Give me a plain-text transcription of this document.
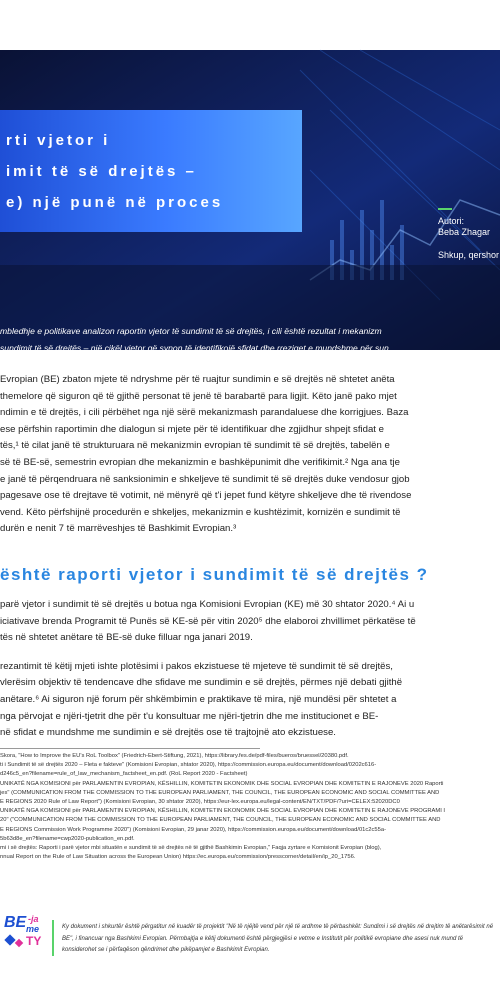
rti vjetor i
imit të së drejtës –
e) një punë në proces
Autori:
Beba Zhagar
Shkup, qershor
mbledhje e politikave analizon raportin vjetor të sundimit të së drejtës, i cili është rezultat i mekanizm
sundimit të së drejtës – një cikël vjetor që synon të identifikojë sfidat dhe rreziqet e mundshme për sun
jtës dhe t'i parandalojë ato të transformohen në shkelje të sundimit të së drejtës.
Evropian (BE) zbaton mjete të ndryshme për të ruajtur sundimin e së drejtës në shtetet anëta
themelore që siguron që të gjithë personat të jenë të barabartë para ligjit. Këto janë pako mjet
ndimin e të drejtës, i cili përbëhet nga një sërë mekanizmash parandaluese dhe korrigjues. Baza
ese përfshin raportimin dhe dialogun si mjete për të identifikuar dhe zgjidhur shpejt sfidat e
tës,¹ të cilat janë të strukturuara në mekanizmin evropian të sundimit të së drejtës, tabelën e
së të BE-së, semestrin evropian dhe mekanizmin e bashkëpunimit dhe verifikimit.² Nga ana tje
e janë të përqendruara në sanksionimin e shkeljeve të sundimit të së drejtës duke vendosur gjob
pagesave ose të drejtave të votimit, në mënyrë që t'i jepet fund këtyre shkeljeve dhe të rivendose
vend. Këto përfshijnë procedurën e shkeljes, mekanizmin e kushtëzimit, kornizën e sundimit të
durën e nenit 7 të marrëveshjes të Bashkimit Evropian.³
është raporti vjetor i sundimit të së drejtës ?
parë vjetor i sundimit të së drejtës u botua nga Komisioni Evropian (KE) më 30 shtator 2020.⁴ Ai u
iciativave brenda Programit të Punës së KE-së për vitin 2020⁵ dhe elaboroi zhvillimet përkatëse të
tës në shtetet anëtare të BE-së duke filluar nga janari 2019.
rezantimit të këtij mjeti ishte plotësimi i pakos ekzistuese të mjeteve të sundimit të së drejtës,
vlerësim objektiv të tendencave dhe sfidave me sundimin e së drejtës, përmes një debati gjithë
anëtare.⁶ Ai siguron një forum për shkëmbimin e praktikave të mira, një mundësi për shtetet a
nga përvojat e njëri-tjetrit dhe për t'u konsultuar me njëri-tjetrin dhe me institucionet e BE-
në sfidat e mundshme me sundimin e së drejtës ose të trajtojnë ato ekzistuese.
Skora, "How to Improve the EU's RoL Toolbox" (Friedrich-Ebert-Stiftung, 2021), https://library.fes.de/pdf-files/bueros/bruessel/20380.pdf.
ti i Sundimit të së drejtës 2020 – Fleta e fakteve" (Komisioni Evropian, shtator 2020), https://commission.europa.eu/document/download/0202c616-
d246c5_en?filename=rule_of_law_mechanism_factsheet_en.pdf. (RoL Report 2020 - Factsheet)
UNIKATË NGA KOMISIONI për PARLAMENTIN EVROPIAN, KËSHILLIN, KOMITETIN EKONOMIK DHE SOCIAL EVROPIAN DHE KOMITETIN E RAJONEVE 2020 Raporti
jes" (COMMUNICATION FROM THE COMMISSION TO THE EUROPEAN PARLIAMENT, THE COUNCIL, THE EUROPEAN ECONOMIC AND SOCIAL COMMITTEE AND
E REGIONS 2020 Rule of Law Report") (Komisioni Evropian, 30 shtator 2020), https://eur-lex.europa.eu/legal-content/EN/TXT/PDF/?uri=CELEX:52020DC0
UNIKATË NGA KOMISIONI për PARLAMENTIN EVROPIAN, KËSHILLIN, KOMITETIN EKONOMIK DHE SOCIAL EVROPIAN DHE KOMITETIN E RAJONEVE PROGRAMI I
20" ("COMMUNICATION FROM THE COMMISSION TO THE EUROPEAN PARLIAMENT, THE COUNCIL, THE EUROPEAN ECONOMIC AND SOCIAL COMMITTEE AND
E REGIONS Commission Work Programme 2020") (Komisioni Evropian, 29 janar 2020), https://commission.europa.eu/document/download/01c2c55a-
5b63d8e_en?filename=cwp2020-publication_en.pdf.
mi i së drejtës: Raporti i parë vjetor mbi situatën e sundimit të së drejtës në të gjithë Bashkimin Evropian," Faqja zyrtare e Komisionit Evropian (blog),
nnual Report on the Rule of Law Situation across the European Union) https://ec.europa.eu/commission/presscorner/detail/en/ip_20_1756.
BE -ja
me
TY
Ky dokument i shkurtër është përgatitur në kuadër të projektit "Në të njëjtë vend për një të ardhme të përbashkët: Sundimi i së drejtës në drejtim të anëtarësimit në
BE", i financuar nga Bashkimi Evropian. Përmbajtja e këtij dokumenti është përgjegjësi e vetme e Institutit për politikë evropiane dhe asesi nuk mund të
konsiderohet se i përfaqëson qëndrimet dhe pikëpamjet e Bashkimit Evropian.
